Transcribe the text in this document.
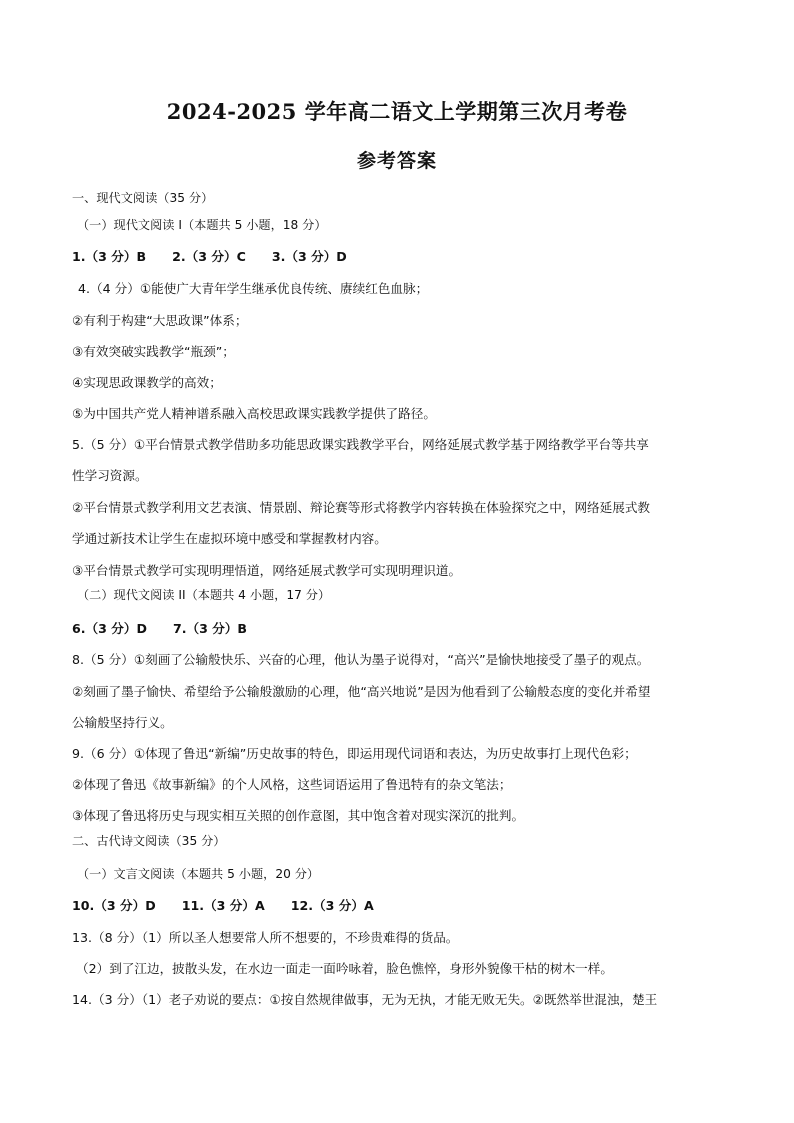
2024-2025 学年高二语文上学期第三次月考卷
参考答案
一、现代文阅读（35 分）
（一）现代文阅读 I（本题共 5 小题，18 分）
1.（3 分）B 2.（3 分）C 3.（3 分）D
4.（4 分）①能使广大青年学生继承优良传统、赓续红色血脉；
②有利于构建“大思政课”体系；
③有效突破实践教学“瓶颈”；
④实现思政课教学的高效；
⑤为中国共产党人精神谱系融入高校思政课实践教学提供了路径。
5.（5 分）①平台情景式教学借助多功能思政课实践教学平台，网络延展式教学基于网络教学平台等共享
性学习资源。
②平台情景式教学利用文艺表演、情景剧、辩论赛等形式将教学内容转换在体验探究之中，网络延展式教
学通过新技术让学生在虚拟环境中感受和掌握教材内容。
③平台情景式教学可实现明理悟道，网络延展式教学可实现明理识道。
（二）现代文阅读 II（本题共 4 小题，17 分）
6.（3 分）D 7.（3 分）B
8.（5 分）①刻画了公输般快乐、兴奋的心理，他认为墨子说得对，“高兴”是愉快地接受了墨子的观点。
②刻画了墨子愉快、希望给予公输般激励的心理，他“高兴地说”是因为他看到了公输般态度的变化并希望
公输般坚持行义。
9.（6 分）①体现了鲁迅“新编”历史故事的特色，即运用现代词语和表达，为历史故事打上现代色彩；
②体现了鲁迅《故事新编》的个人风格，这些词语运用了鲁迅特有的杂文笔法；
③体现了鲁迅将历史与现实相互关照的创作意图，其中饱含着对现实深沉的批判。
二、古代诗文阅读（35 分）
（一）文言文阅读（本题共 5 小题，20 分）
10.（3 分）D 11.（3 分）A 12.（3 分）A
13.（8 分）（1）所以圣人想要常人所不想要的，不珍贵难得的货品。
（2）到了江边，披散头发，在水边一面走一面吟咏着，脸色憔悴，身形外貌像干枯的树木一样。
14.（3 分）（1）老子劝说的要点：①按自然规律做事，无为无执，才能无败无失。②既然举世混浊，楚王
